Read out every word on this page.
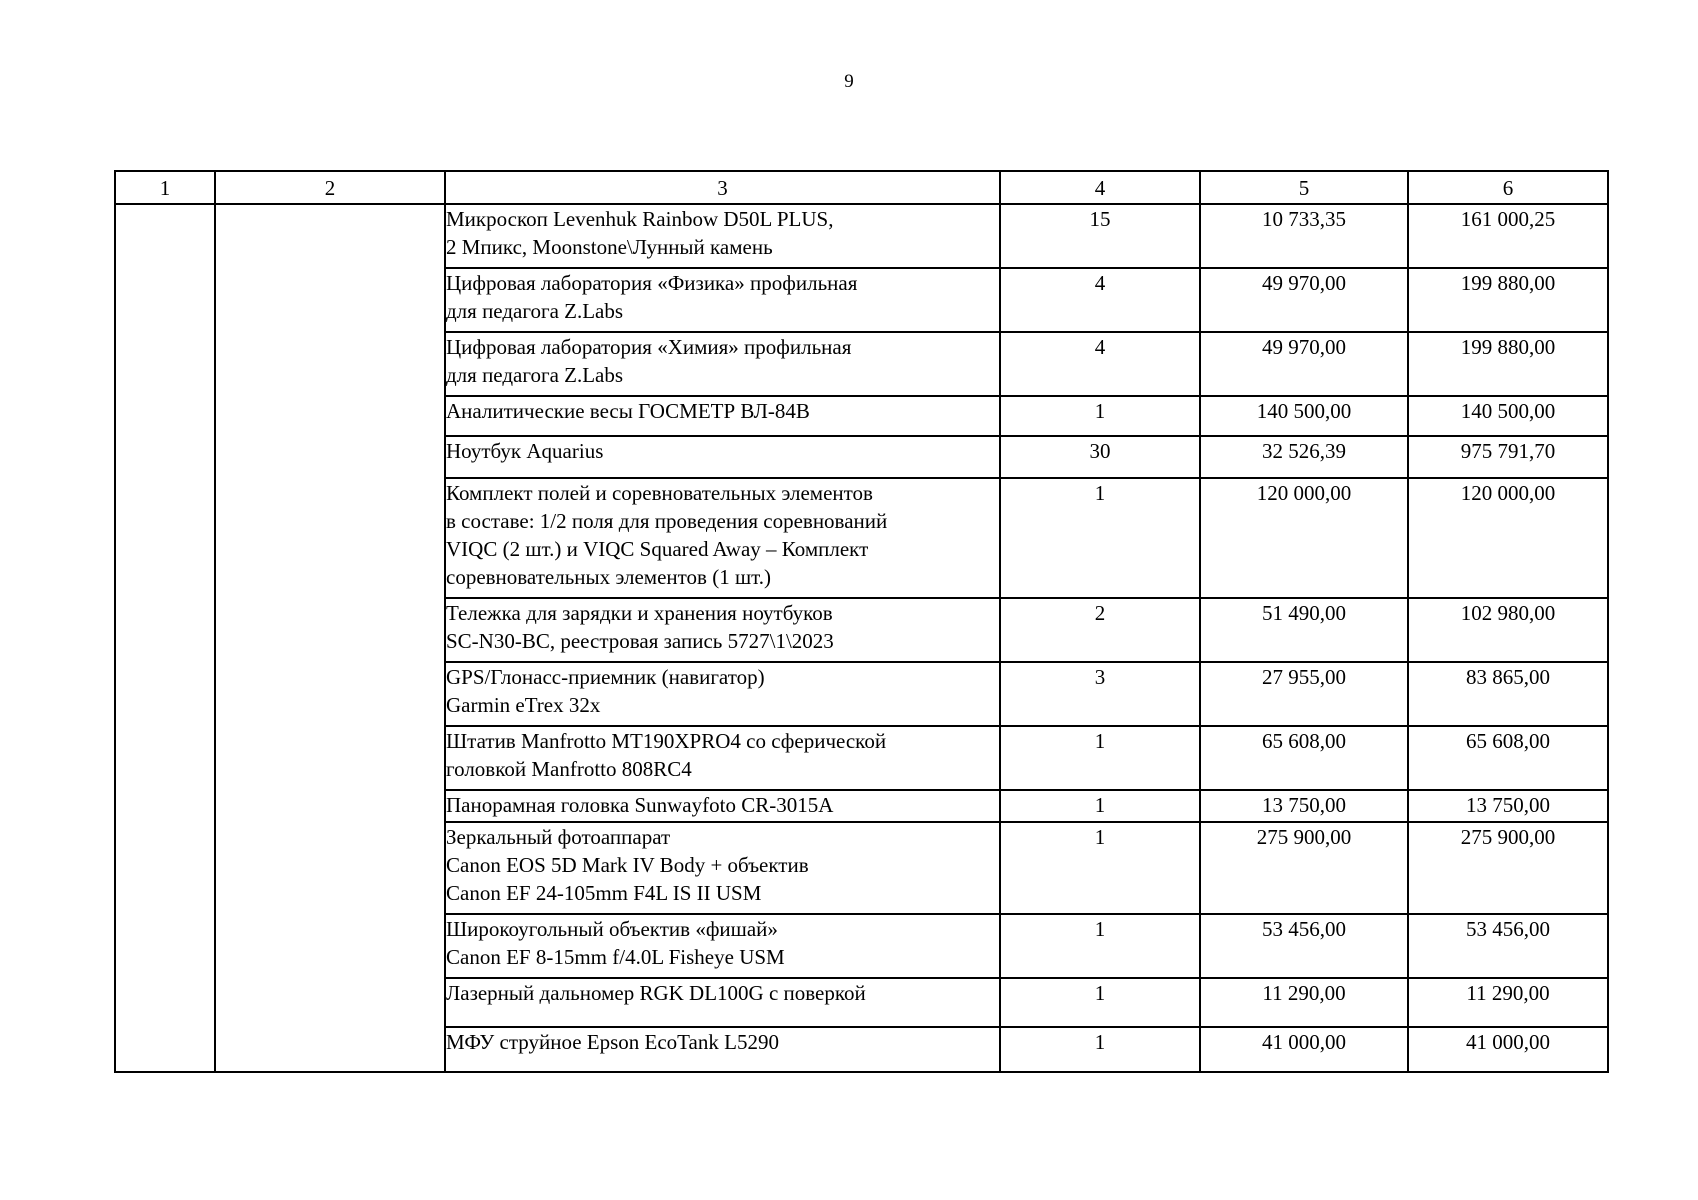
9
1	2	3	4	5	6

		Микроскоп Levenhuk Rainbow D50L PLUS,
2 Мпикс, Moonstone\Лунный камень	15	10 733,35	161 000,25

		Цифровая лаборатория «Физика» профильная
для педагога Z.Labs	4	49 970,00	199 880,00

		Цифровая лаборатория «Химия» профильная
для педагога Z.Labs	4	49 970,00	199 880,00

		Аналитические весы ГОСМЕТР ВЛ-84В	1	140 500,00	140 500,00

		Ноутбук Aquarius	30	32 526,39	975 791,70

		Комплект полей и соревновательных элементов
в составе: 1/2 поля для проведения соревнований
VIQC (2 шт.) и VIQC Squared Away – Комплект
соревновательных элементов (1 шт.)	1	120 000,00	120 000,00

		Тележка для зарядки и хранения ноутбуков
SC-N30-BC, реестровая запись 5727\1\2023	2	51 490,00	102 980,00

		GPS/Глонасс-приемник (навигатор)
Garmin eTrex 32x	3	27 955,00	83 865,00

		Штатив Manfrotto MT190XPRO4 со сферической
головкой Manfrotto 808RC4	1	65 608,00	65 608,00

		Панорамная головка Sunwayfoto CR-3015A	1	13 750,00	13 750,00

		Зеркальный фотоаппарат
Canon EOS 5D Mark IV Body + объектив
Canon EF 24-105mm F4L IS II USM	1	275 900,00	275 900,00

		Широкоугольный объектив «фишай»
Canon EF 8-15mm f/4.0L Fisheye USM	1	53 456,00	53 456,00

		Лазерный дальномер RGK DL100G с поверкой	1	11 290,00	11 290,00

		МФУ струйное Epson EcoTank L5290	1	41 000,00	41 000,00
